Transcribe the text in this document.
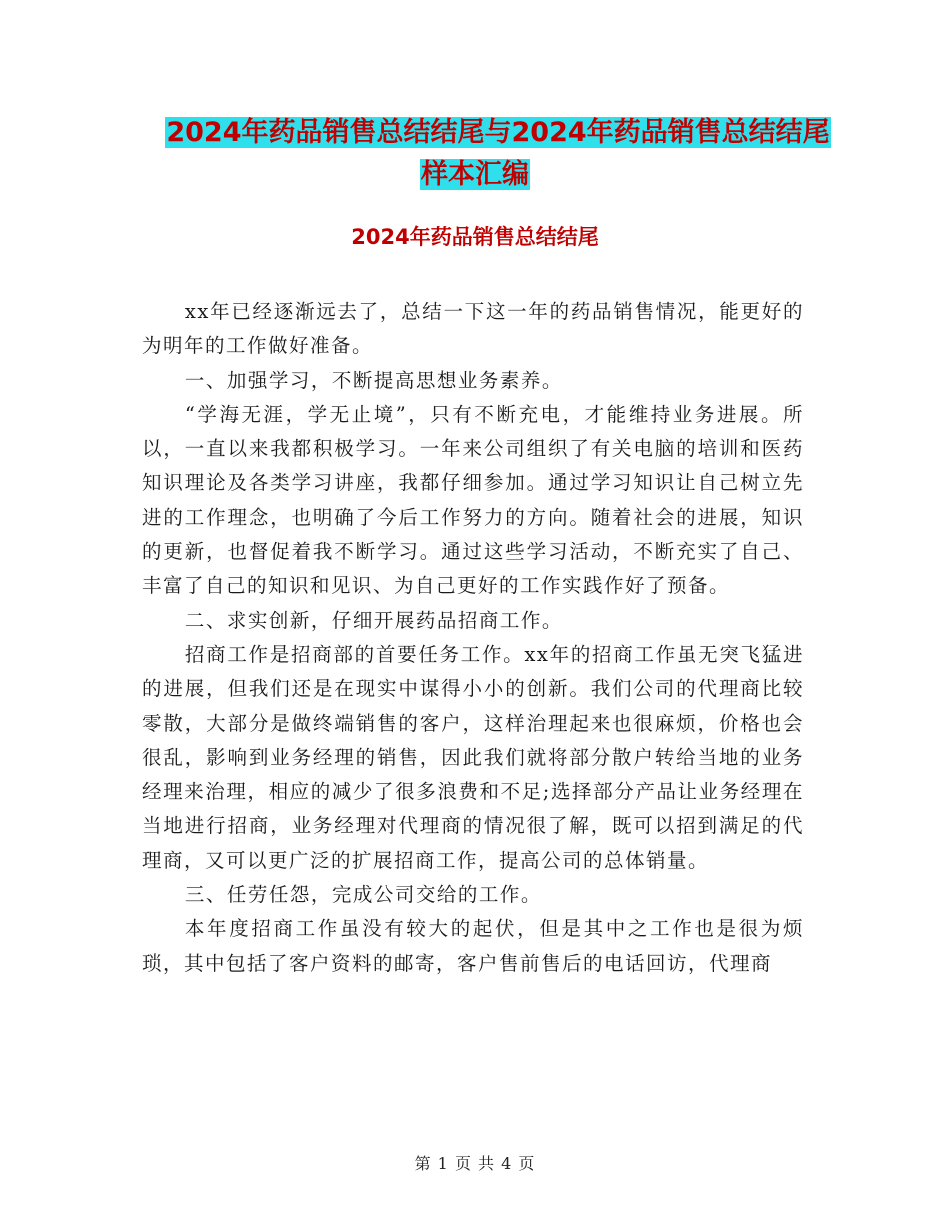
2024年药品销售总结结尾与2024年药品销售总结结尾
样本汇编
2024年药品销售总结结尾

xx年已经逐渐远去了，总结一下这一年的药品销售情况，能更好的为明年的工作做好准备。

一、加强学习，不断提高思想业务素养。

“学海无涯，学无止境”，只有不断充电，才能维持业务进展。所以，一直以来我都积极学习。一年来公司组织了有关电脑的培训和医药知识理论及各类学习讲座，我都仔细参加。通过学习知识让自己树立先进的工作理念，也明确了今后工作努力的方向。随着社会的进展，知识的更新，也督促着我不断学习。通过这些学习活动，不断充实了自己、丰富了自己的知识和见识、为自己更好的工作实践作好了预备。

二、求实创新，仔细开展药品招商工作。

招商工作是招商部的首要任务工作。xx年的招商工作虽无突飞猛进的进展，但我们还是在现实中谋得小小的创新。我们公司的代理商比较零散，大部分是做终端销售的客户，这样治理起来也很麻烦，价格也会很乱，影响到业务经理的销售，因此我们就将部分散户转给当地的业务经理来治理，相应的减少了很多浪费和不足;选择部分产品让业务经理在当地进行招商，业务经理对代理商的情况很了解，既可以招到满足的代理商，又可以更广泛的扩展招商工作，提高公司的总体销量。

三、任劳任怨，完成公司交给的工作。

本年度招商工作虽没有较大的起伏，但是其中之工作也是很为烦琐，其中包括了客户资料的邮寄，客户售前售后的电话回访，代理商

第 1 页 共 4 页
